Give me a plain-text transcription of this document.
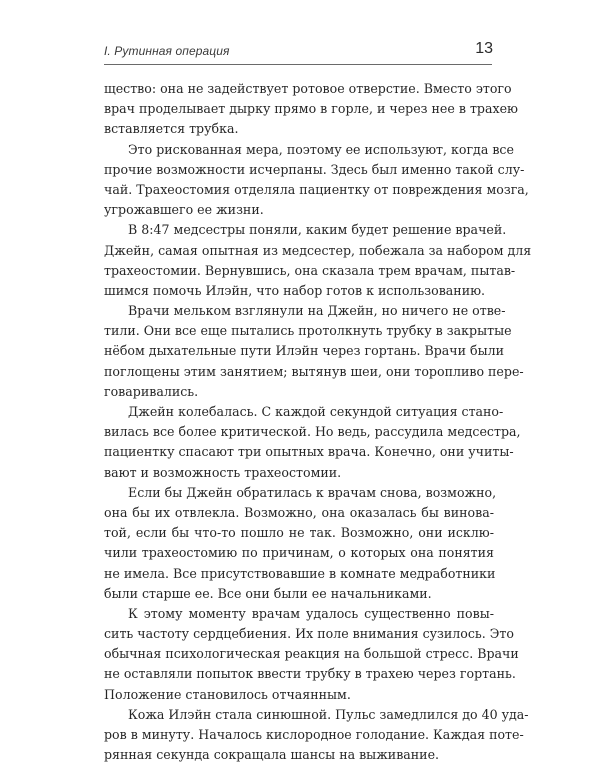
I. Рутинная операция	13
щество: она не задействует ротовое отверстие. Вместо этого
врач проделывает дырку прямо в горле, и через нее в трахею
вставляется трубка.
Это рискованная мера, поэтому ее используют, когда все
прочие возможности исчерпаны. Здесь был именно такой слу-
чай. Трахеостомия отделяла пациентку от повреждения мозга,
угрожавшего ее жизни.
В 8:47 медсестры поняли, каким будет решение врачей.
Джейн, самая опытная из медсестер, побежала за набором для
трахеостомии. Вернувшись, она сказала трем врачам, пытав-
шимся помочь Илэйн, что набор готов к использованию.
Врачи мельком взглянули на Джейн, но ничего не отве-
тили. Они все еще пытались протолкнуть трубку в закрытые
нёбом дыхательные пути Илэйн через гортань. Врачи были
поглощены этим занятием; вытянув шеи, они торопливо пере-
говаривались.
Джейн колебалась. С каждой секундой ситуация стано-
вилась все более критической. Но ведь, рассудила медсестра,
пациентку спасают три опытных врача. Конечно, они учиты-
вают и возможность трахеостомии.
Если бы Джейн обратилась к врачам снова, возможно,
она бы их отвлекла. Возможно, она оказалась бы винова-
той, если бы что-то пошло не так. Возможно, они исклю-
чили трахеостомию по причинам, о которых она понятия
не имела. Все присутствовавшие в комнате медработники
были старше ее. Все они были ее начальниками.
К этому моменту врачам удалось существенно повы-
сить частоту сердцебиения. Их поле внимания сузилось. Это
обычная психологическая реакция на большой стресс. Врачи
не оставляли попыток ввести трубку в трахею через гортань.
Положение становилось отчаянным.
Кожа Илэйн стала синюшной. Пульс замедлился до 40 уда-
ров в минуту. Началось кислородное голодание. Каждая поте-
рянная секунда сокращала шансы на выживание.
